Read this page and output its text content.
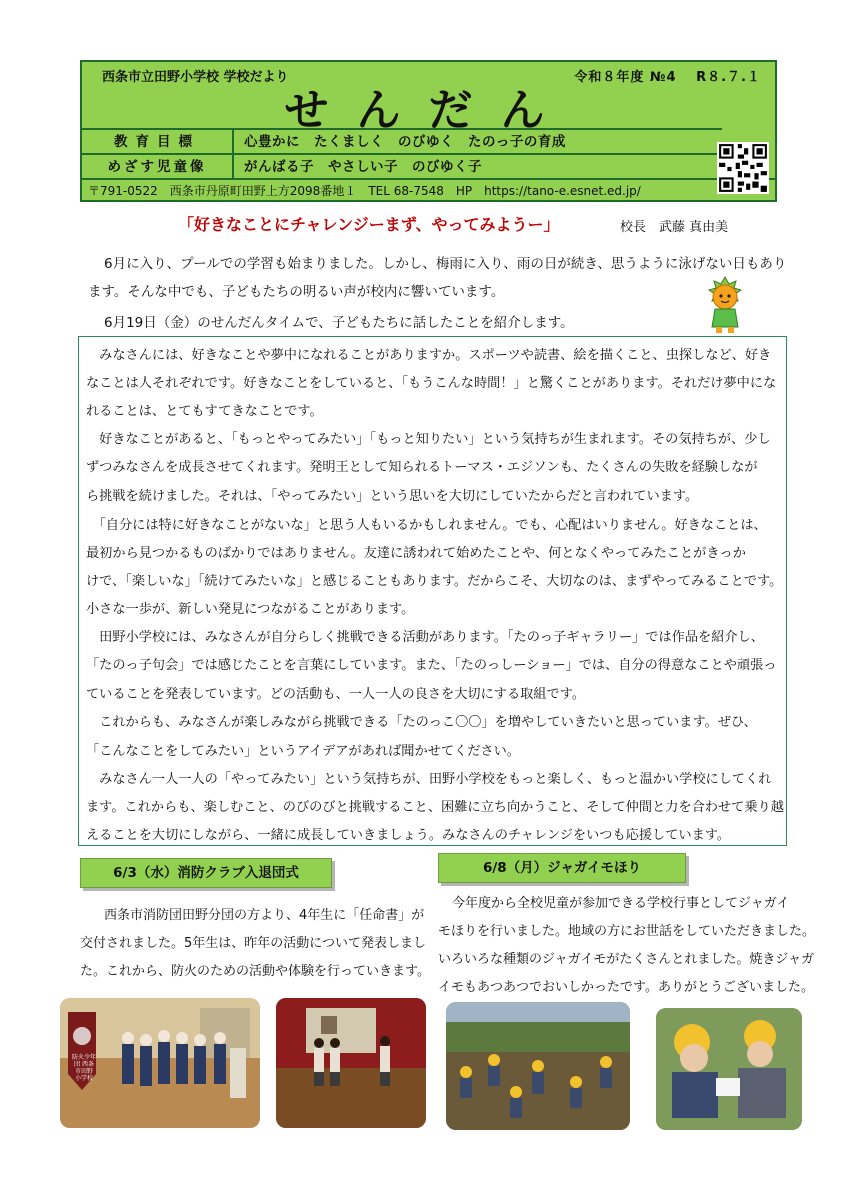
西条市立田野小学校 学校だより	令和８年度 №4　 R８.７.１
せんだん
教育目標	心豊かに　たくましく　のびゆく　たのっ子の育成
めざす児童像	がんばる子　やさしい子　のびゆく子
〒791-0522　西条市丹原町田野上方2098番地１　TEL 68-7548　HP　https://tano-e.esnet.ed.jp/
「好きなことにチャレンジーまず、やってみようー」	校長　武藤 真由美
6月に入り、プールでの学習も始まりました。しかし、梅雨に入り、雨の日が続き、思うように泳げない日もあり
ます。そんな中でも、子どもたちの明るい声が校内に響いています。
6月19日（金）のせんだんタイムで、子どもたちに話したことを紹介します。
　みなさんには、好きなことや夢中になれることがありますか。スポーツや読書、絵を描くこと、虫探しなど、好き
なことは人それぞれです。好きなことをしていると、「もうこんな時間！」と驚くことがあります。それだけ夢中にな
れることは、とてもすてきなことです。
　好きなことがあると、「もっとやってみたい」「もっと知りたい」という気持ちが生まれます。その気持ちが、少し
ずつみなさんを成長させてくれます。発明王として知られるトーマス・エジソンも、たくさんの失敗を経験しなが
ら挑戦を続けました。それは、「やってみたい」という思いを大切にしていたからだと言われています。
　「自分には特に好きなことがないな」と思う人もいるかもしれません。でも、心配はいりません。好きなことは、
最初から見つかるものばかりではありません。友達に誘われて始めたことや、何となくやってみたことがきっか
けで、「楽しいな」「続けてみたいな」と感じることもあります。だからこそ、大切なのは、まずやってみることです。
小さな一歩が、新しい発見につながることがあります。
　田野小学校には、みなさんが自分らしく挑戦できる活動があります。「たのっ子ギャラリー」では作品を紹介し、
「たのっ子句会」では感じたことを言葉にしています。また、「たのっしーショー」では、自分の得意なことや頑張っ
ていることを発表しています。どの活動も、一人一人の良さを大切にする取組です。
　これからも、みなさんが楽しみながら挑戦できる「たのっこ〇〇」を増やしていきたいと思っています。ぜひ、
「こんなことをしてみたい」というアイデアがあれば聞かせてください。
　みなさん一人一人の「やってみたい」という気持ちが、田野小学校をもっと楽しく、もっと温かい学校にしてくれ
ます。これからも、楽しむこと、のびのびと挑戦すること、困難に立ち向かうこと、そして仲間と力を合わせて乗り越
えることを大切にしながら、一緒に成長していきましょう。みなさんのチャレンジをいつも応援しています。
6/3（水）消防クラブ入退団式
西条市消防団田野分団の方より、4年生に「任命書」が
交付されました。5年生は、昨年の活動について発表しまし
た。これから、防火のための活動や体験を行っていきます。
6/8（月）ジャガイモほり
今年度から全校児童が参加できる学校行事としてジャガイ
モほりを行いました。地域の方にお世話をしていただきました。
いろいろな種類のジャガイモがたくさんとれました。焼きジャガ
イモもあつあつでおいしかったです。ありがとうございました。
防火少年団 西条市田野 小学校
